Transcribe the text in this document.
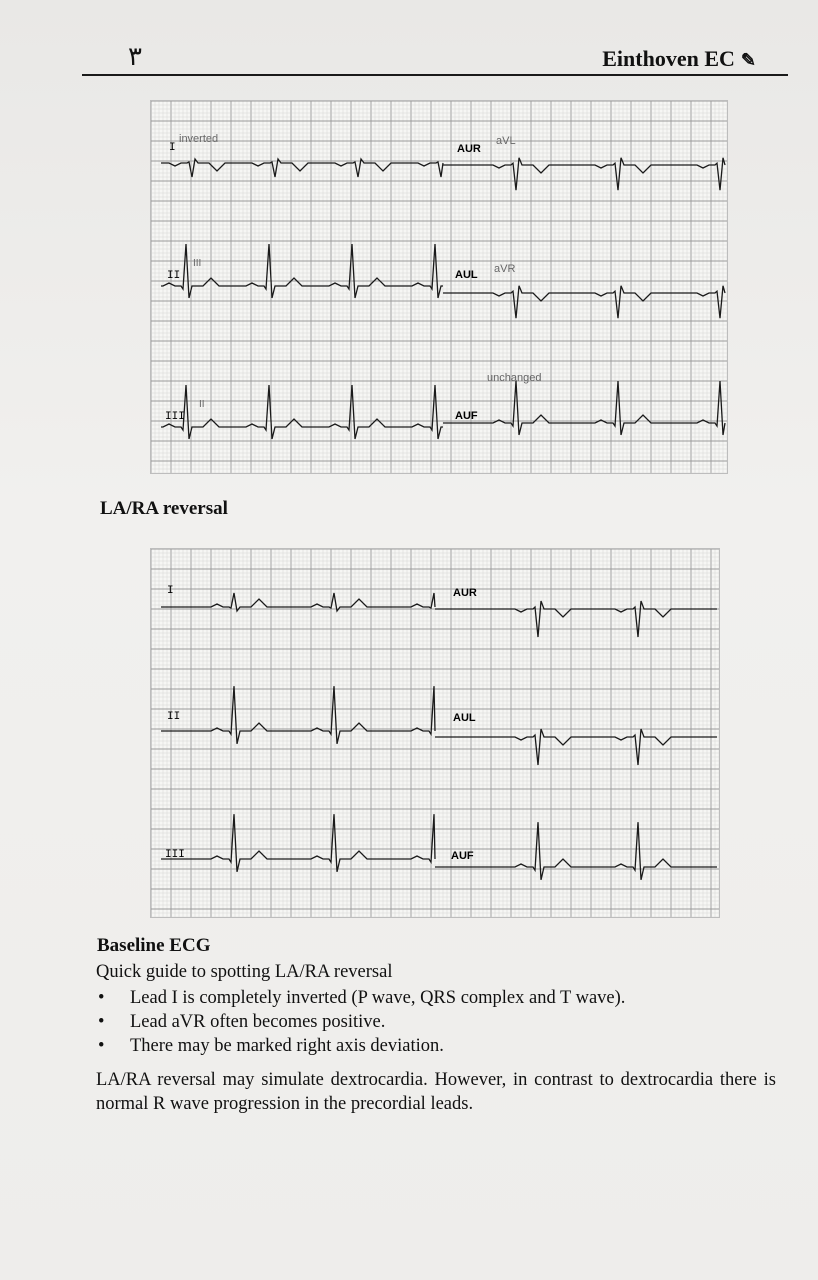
٣	Einthoven EC ✎
I
inverted
II
III
III
II
AUR
aVL
AUL aVR
AUF
unchanged
LA/RA reversal
I
II
III
AUR
AUL
AUF
Baseline ECG
Quick guide to spotting LA/RA reversal
• Lead I is completely inverted (P wave, QRS complex and T wave).
• Lead aVR often becomes positive.
• There may be marked right axis deviation.
LA/RA reversal may simulate dextrocardia. However, in contrast to dextrocardia there is normal R wave progression in the precordial leads.
